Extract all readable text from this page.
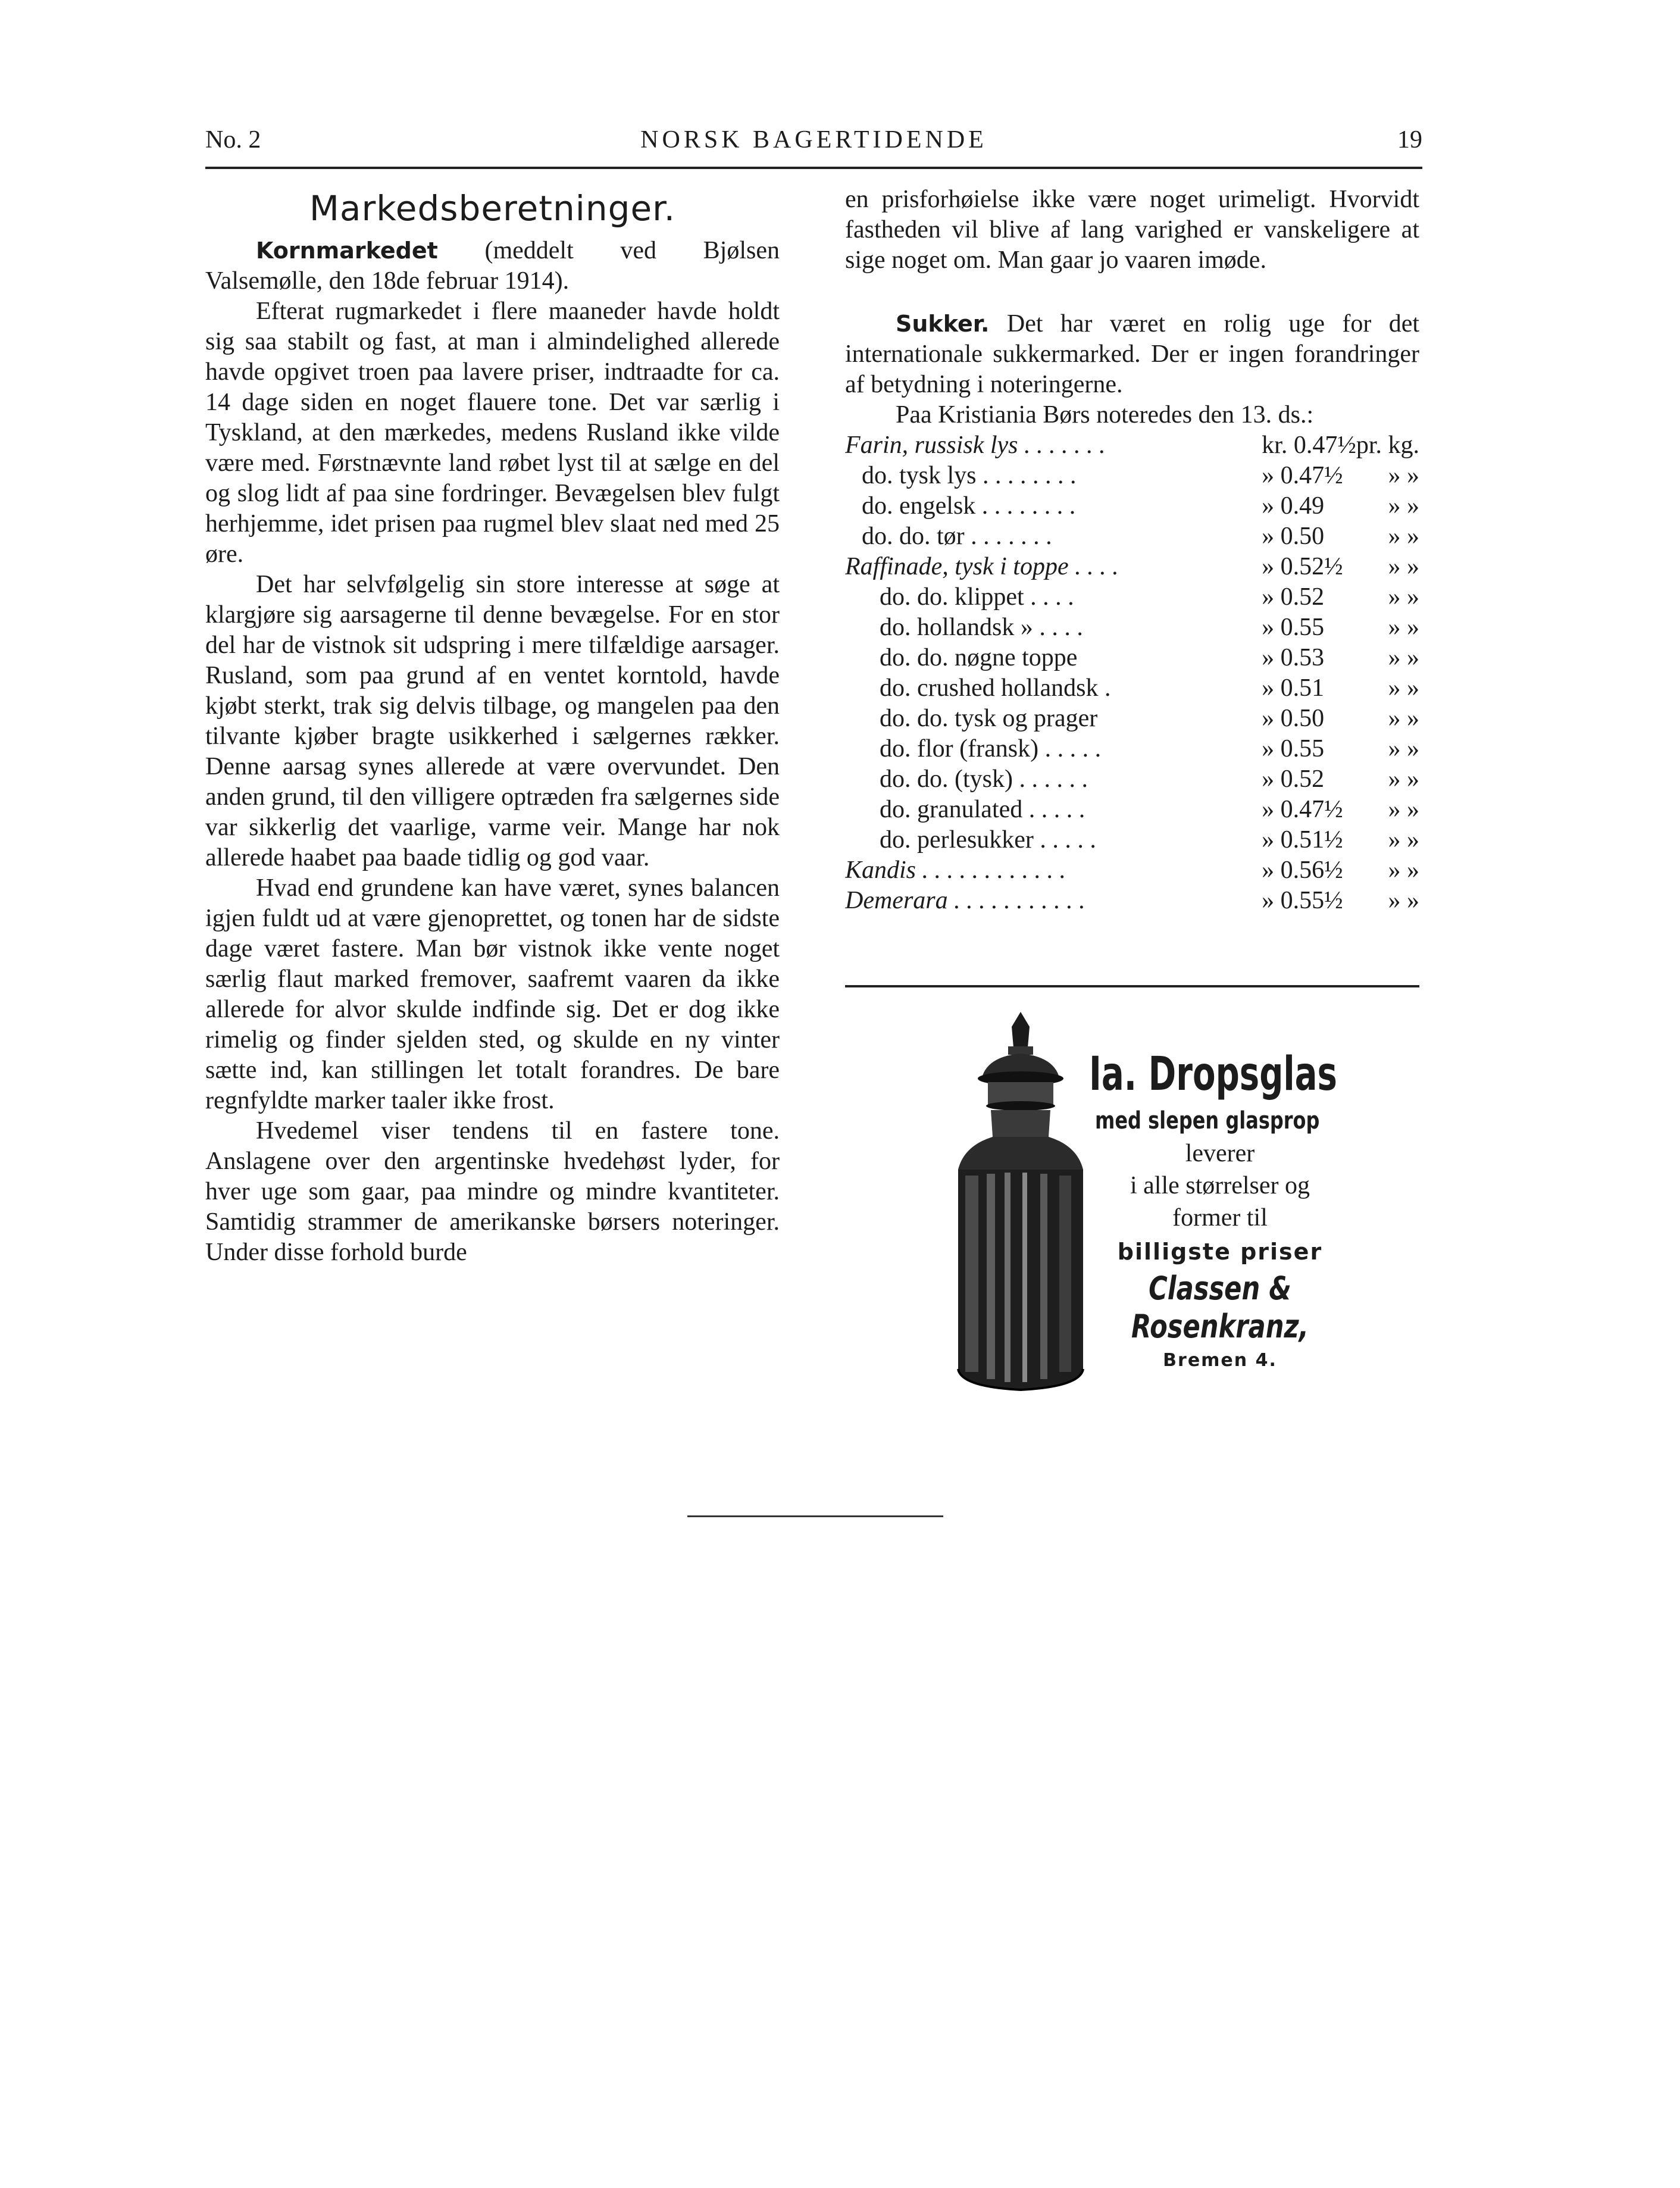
No. 2	NORSK BAGERTIDENDE	19
Markedsberetninger.

Kornmarkedet (meddelt ved Bjølsen Valsemølle, den 18de februar 1914).

Efterat rugmarkedet i flere maaneder havde holdt sig saa stabilt og fast, at man i almindelighed allerede havde opgivet troen paa lavere priser, indtraadte for ca. 14 dage siden en noget flauere tone. Det var særlig i Tyskland, at den mærkedes, medens Rusland ikke vilde være med. Førstnævnte land røbet lyst til at sælge en del og slog lidt af paa sine fordringer. Bevægelsen blev fulgt herhjemme, idet prisen paa rugmel blev slaat ned med 25 øre.

Det har selvfølgelig sin store interesse at søge at klargjøre sig aarsagerne til denne bevægelse. For en stor del har de vistnok sit udspring i mere tilfældige aarsager. Rusland, som paa grund af en ventet korntold, havde kjøbt sterkt, trak sig delvis tilbage, og mangelen paa den tilvante kjøber bragte usikkerhed i sælgernes rækker. Denne aarsag synes allerede at være overvundet. Den anden grund, til den villigere optræden fra sælgernes side var sikkerlig det vaarlige, varme veir. Mange har nok allerede haabet paa baade tidlig og god vaar.

Hvad end grundene kan have været, synes balancen igjen fuldt ud at være gjenoprettet, og tonen har de sidste dage været fastere. Man bør vistnok ikke vente noget særlig flaut marked fremover, saafremt vaaren da ikke allerede for alvor skulde indfinde sig. Det er dog ikke rimelig og finder sjelden sted, og skulde en ny vinter sætte ind, kan stillingen let totalt forandres. De bare regnfyldte marker taaler ikke frost.

Hvedemel viser tendens til en fastere tone. Anslagene over den argentinske hvedehøst lyder, for hver uge som gaar, paa mindre og mindre kvantiteter. Samtidig strammer de amerikanske børsers noteringer. Under disse forhold burde

en prisforhøielse ikke være noget urimeligt. Hvorvidt fastheden vil blive af lang varighed er vanskeligere at sige noget om. Man gaar jo vaaren imøde.

Sukker. Det har været en rolig uge for det internationale sukkermarked. Der er ingen forandringer af betydning i noteringerne.

Paa Kristiania Børs noteredes den 13. ds.:

Farin, russisk lys . . . . . . .	kr. 0.47½	pr. kg.
do. tysk lys . . . . . . . .	» 0.47½	» »
do. engelsk . . . . . . . .	» 0.49	» »
do. do. tør . . . . . . .	» 0.50	» »
Raffinade, tysk i toppe . . . .	» 0.52½	» »
do. do. klippet . . . .	» 0.52	» »
do. hollandsk » . . . .	» 0.55	» »
do. do. nøgne toppe	» 0.53	» »
do. crushed hollandsk .	» 0.51	» »
do. do. tysk og prager	» 0.50	» »
do. flor (fransk) . . . . .	» 0.55	» »
do. do. (tysk) . . . . . .	» 0.52	» »
do. granulated . . . . .	» 0.47½	» »
do. perlesukker . . . . .	» 0.51½	» »
Kandis . . . . . . . . . . . .	» 0.56½	» »
Demerara . . . . . . . . . . .	» 0.55½	» »
Ia. Dropsglas
med slepen glasprop
leverer
i alle størrelser og
former til
billigste priser
Classen &
Rosenkranz,
Bremen 4.
